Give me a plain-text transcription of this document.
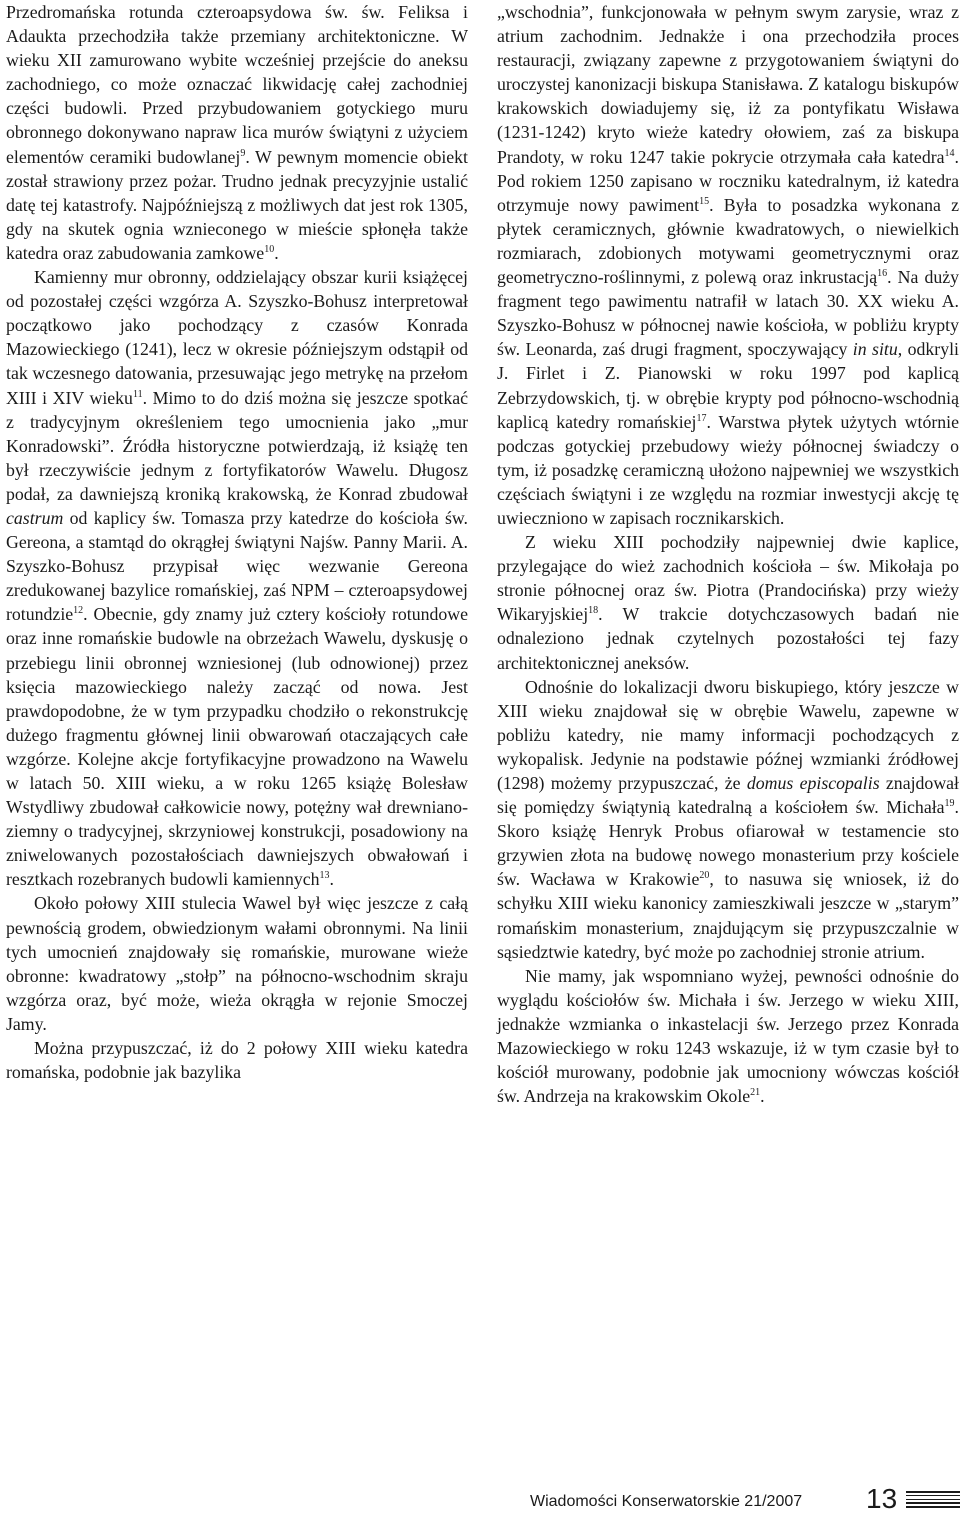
Przedromańska rotunda czteroapsydowa św. św. Feliksa i Adaukta przechodziła także przemiany architektoniczne. W wieku XII zamurowano wybite wcześniej przejście do aneksu zachodniego, co może oznaczać likwidację całej zachodniej części budowli. Przed przybudowaniem gotyckiego muru obronnego dokonywano napraw lica murów świątyni z użyciem elementów ceramiki budowlanej$^9$. W pewnym momencie obiekt został strawiony przez pożar. Trudno jednak precyzyjnie ustalić datę tej katastrofy. Najpóźniejszą z możliwych dat jest rok 1305, gdy na skutek ognia wznieconego w mieście spłonęła także katedra oraz zabudowania zamkowe$^{10}$.

Kamienny mur obronny, oddzielający obszar kurii książęcej od pozostałej części wzgórza A. Szyszko-Bohusz interpretował początkowo jako pochodzący z czasów Konrada Mazowieckiego (1241), lecz w okresie późniejszym odstąpił od tak wczesnego datowania, przesuwając jego metrykę na przełom XIII i XIV wieku$^{11}$. Mimo to do dziś można się jeszcze spotkać z tradycyjnym określeniem tego umocnienia jako „mur Konradowski”. Źródła historyczne potwierdzają, iż książę ten był rzeczywiście jednym z fortyfikatorów Wawelu. Długosz podał, za dawniejszą kroniką krakowską, że Konrad zbudował castrum od kaplicy św. Tomasza przy katedrze do kościoła św. Gereona, a stamtąd do okrągłej świątyni Najśw. Panny Marii. A. Szyszko-Bohusz przypisał więc wezwanie Gereona zredukowanej bazylice romańskiej, zaś NPM – czteroapsydowej rotundzie$^{12}$. Obecnie, gdy znamy już cztery kościoły rotundowe oraz inne romańskie budowle na obrzeżach Wawelu, dyskusję o przebiegu linii obronnej wzniesionej (lub odnowionej) przez księcia mazowieckiego należy zacząć od nowa. Jest prawdopodobne, że w tym przypadku chodziło o rekonstrukcję dużego fragmentu głównej linii obwarowań otaczających całe wzgórze. Kolejne akcje fortyfikacyjne prowadzono na Wawelu w latach 50. XIII wieku, a w roku 1265 książę Bolesław Wstydliwy zbudował całkowicie nowy, potężny wał drewniano-ziemny o tradycyjnej, skrzyniowej konstrukcji, posadowiony na zniwelowanych pozostałościach dawniejszych obwałowań i resztkach rozebranych budowli kamiennych$^{13}$.

Około połowy XIII stulecia Wawel był więc jeszcze z całą pewnością grodem, obwiedzionym wałami obronnymi. Na linii tych umocnień znajdowały się romańskie, murowane wieże obronne: kwadratowy „stołp” na północno-wschodnim skraju wzgórza oraz, być może, wieża okrągła w rejonie Smoczej Jamy.

Można przypuszczać, iż do 2 połowy XIII wieku katedra romańska, podobnie jak bazylika

„wschodnia”, funkcjonowała w pełnym swym zarysie, wraz z atrium zachodnim. Jednakże i ona przechodziła proces restauracji, związany zapewne z przygotowaniem świątyni do uroczystej kanonizacji biskupa Stanisława. Z katalogu biskupów krakowskich dowiadujemy się, iż za pontyfikatu Wisława (1231-1242) kryto wieże katedry ołowiem, zaś za biskupa Prandoty, w roku 1247 takie pokrycie otrzymała cała katedra$^{14}$. Pod rokiem 1250 zapisano w roczniku katedralnym, iż katedra otrzymuje nowy pawiment$^{15}$. Była to posadzka wykonana z płytek ceramicznych, głównie kwadratowych, o niewielkich rozmiarach, zdobionych motywami geometrycznymi oraz geometryczno-roślinnymi, z polewą oraz inkrustacją$^{16}$. Na duży fragment tego pawimentu natrafił w latach 30. XX wieku A. Szyszko-Bohusz w północnej nawie kościoła, w pobliżu krypty św. Leonarda, zaś drugi fragment, spoczywający in situ, odkryli J. Firlet i Z. Pianowski w roku 1997 pod kaplicą Zebrzydowskich, tj. w obrębie krypty pod północno-wschodnią kaplicą katedry romańskiej$^{17}$. Warstwa płytek użytych wtórnie podczas gotyckiej przebudowy wieży północnej świadczy o tym, iż posadzkę ceramiczną ułożono najpewniej we wszystkich częściach świątyni i ze względu na rozmiar inwestycji akcję tę uwieczniono w zapisach rocznikarskich.

Z wieku XIII pochodziły najpewniej dwie kaplice, przylegające do wież zachodnich kościoła – św. Mikołaja po stronie północnej oraz św. Piotra (Prandocińska) przy wieży Wikaryjskiej$^{18}$. W trakcie dotychczasowych badań nie odnaleziono jednak czytelnych pozostałości tej fazy architektonicznej aneksów.

Odnośnie do lokalizacji dworu biskupiego, który jeszcze w XIII wieku znajdował się w obrębie Wawelu, zapewne w pobliżu katedry, nie mamy informacji pochodzących z wykopalisk. Jedynie na podstawie późnej wzmianki źródłowej (1298) możemy przypuszczać, że domus episcopalis znajdował się pomiędzy świątynią katedralną a kościołem św. Michała$^{19}$. Skoro książę Henryk Probus ofiarował w testamencie sto grzywien złota na budowę nowego monasterium przy kościele św. Wacława w Krakowie$^{20}$, to nasuwa się wniosek, iż do schyłku XIII wieku kanonicy zamieszkiwali jeszcze w „starym” romańskim monasterium, znajdującym się przypuszczalnie w sąsiedztwie katedry, być może po zachodniej stronie atrium.

Nie mamy, jak wspomniano wyżej, pewności odnośnie do wyglądu kościołów św. Michała i św. Jerzego w wieku XIII, jednakże wzmianka o inkastelacji św. Jerzego przez Konrada Mazowieckiego w roku 1243 wskazuje, iż w tym czasie był to kościół murowany, podobnie jak umocniony wówczas kościół św. Andrzeja na krakowskim Okole$^{21}$.

Wiadomości Konserwatorskie 21/2007 13
